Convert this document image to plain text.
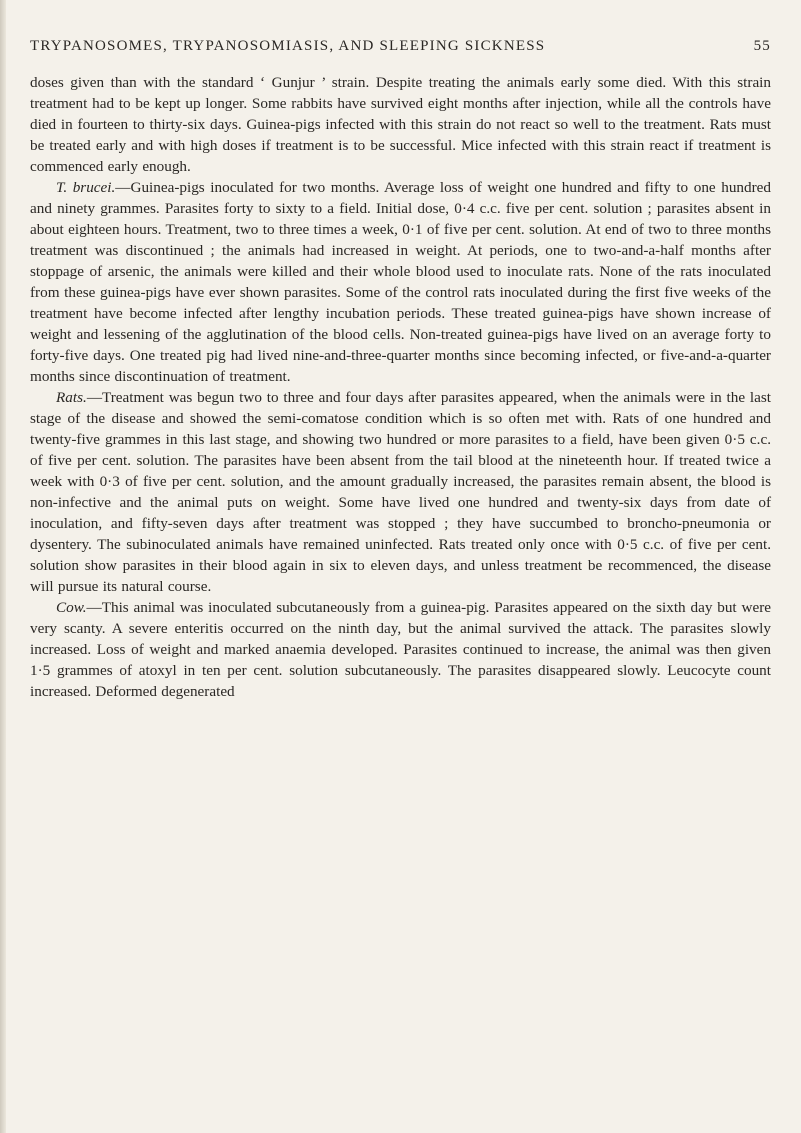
TRYPANOSOMES, TRYPANOSOMIASIS, AND SLEEPING SICKNESS	55

doses given than with the standard ‘ Gunjur ’ strain. Despite treating the animals early some died. With this strain treatment had to be kept up longer. Some rabbits have survived eight months after injection, while all the controls have died in fourteen to thirty-six days. Guinea-pigs infected with this strain do not react so well to the treatment. Rats must be treated early and with high doses if treatment is to be successful. Mice infected with this strain react if treatment is commenced early enough.

T. brucei.—Guinea-pigs inoculated for two months. Average loss of weight one hundred and fifty to one hundred and ninety grammes. Parasites forty to sixty to a field. Initial dose, 0·4 c.c. five per cent. solution ; parasites absent in about eighteen hours. Treatment, two to three times a week, 0·1 of five per cent. solution. At end of two to three months treatment was discontinued ; the animals had increased in weight. At periods, one to two-and-a-half months after stoppage of arsenic, the animals were killed and their whole blood used to inoculate rats. None of the rats inoculated from these guinea-pigs have ever shown parasites. Some of the control rats inoculated during the first five weeks of the treatment have become infected after lengthy incubation periods. These treated guinea-pigs have shown increase of weight and lessening of the agglutination of the blood cells. Non-treated guinea-pigs have lived on an average forty to forty-five days. One treated pig had lived nine-and-three-quarter months since becoming infected, or five-and-a-quarter months since discontinuation of treatment.

Rats.—Treatment was begun two to three and four days after parasites appeared, when the animals were in the last stage of the disease and showed the semi-comatose condition which is so often met with. Rats of one hundred and twenty-five grammes in this last stage, and showing two hundred or more parasites to a field, have been given 0·5 c.c. of five per cent. solution. The parasites have been absent from the tail blood at the nineteenth hour. If treated twice a week with 0·3 of five per cent. solution, and the amount gradually increased, the parasites remain absent, the blood is non-infective and the animal puts on weight. Some have lived one hundred and twenty-six days from date of inoculation, and fifty-seven days after treatment was stopped ; they have succumbed to broncho-pneumonia or dysentery. The subinoculated animals have remained uninfected. Rats treated only once with 0·5 c.c. of five per cent. solution show parasites in their blood again in six to eleven days, and unless treatment be recommenced, the disease will pursue its natural course.

Cow.—This animal was inoculated subcutaneously from a guinea-pig. Parasites appeared on the sixth day but were very scanty. A severe enteritis occurred on the ninth day, but the animal survived the attack. The parasites slowly increased. Loss of weight and marked anaemia developed. Parasites continued to increase, the animal was then given 1·5 grammes of atoxyl in ten per cent. solution subcutaneously. The parasites disappeared slowly. Leucocyte count increased. Deformed degenerated
